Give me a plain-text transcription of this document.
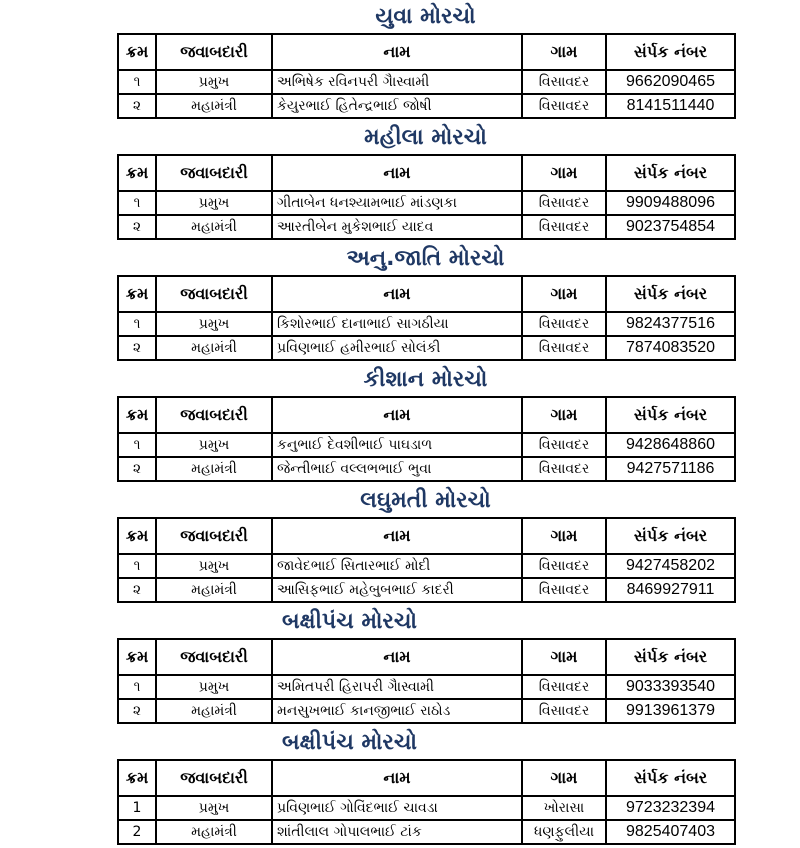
યુવા મોરચો
ક્રમ	જવાબદારી	નામ	ગામ	સંર્પક નંબર
૧	પ્રમુખ	અભિષેક રવિનપરી ગૈાસ્વામી	વિસાવદર	9662090465
૨	મહામંત્રી	કેયુરભાઈ હિતેન્દ્રભાઈ જોષી	વિસાવદર	8141511440
મહીલા મોરચો
ક્રમ	જવાબદારી	નામ	ગામ	સંર્પક નંબર
૧	પ્રમુખ	ગીતાબેન ધનશ્યામભાઈ માંડણકા	વિસાવદર	9909488096
૨	મહામંત્રી	આરતીબેન મુકેશભાઈ યાદવ	વિસાવદર	9023754854
અનુ.જાતિ મોરચો
ક્રમ	જવાબદારી	નામ	ગામ	સંર્પક નંબર
૧	પ્રમુખ	કિશોરભાઈ દાનાભાઈ સાગઠીયા	વિસાવદર	9824377516
૨	મહામંત્રી	પ્રવિણભાઈ હમીરભાઈ સોલંકી	વિસાવદર	7874083520
કીશાન મોરચો
ક્રમ	જવાબદારી	નામ	ગામ	સંર્પક નંબર
૧	પ્રમુખ	કનુભાઈ દેવશીભાઈ પાઘડાળ	વિસાવદર	9428648860
૨	મહામંત્રી	જેન્તીભાઈ વલ્લભભાઈ ભુવા	વિસાવદર	9427571186
લઘુમતી મોરચો
ક્રમ	જવાબદારી	નામ	ગામ	સંર્પક નંબર
૧	પ્રમુખ	જાવેદભાઈ સિતારભાઈ મોદી	વિસાવદર	9427458202
૨	મહામંત્રી	આસિફભાઈ મહેબુબભાઈ કાદરી	વિસાવદર	8469927911
બક્ષીપંચ મોરચો
ક્રમ	જવાબદારી	નામ	ગામ	સંર્પક નંબર
૧	પ્રમુખ	અમિતપરી હિરાપરી ગૈાસ્વામી	વિસાવદર	9033393540
૨	મહામંત્રી	મનસુખભાઈ કાનજીભાઈ રાઠોડ	વિસાવદર	9913961379
બક્ષીપંચ મોરચો
ક્રમ	જવાબદારી	નામ	ગામ	સંર્પક નંબર
1	પ્રમુખ	પ્રવિણભાઈ ગોવિંદભાઈ ચાવડા	ખોરાસા	9723232394
2	મહામંત્રી	શાંતીલાલ ગોપાલભાઈ ટાંક	ધણફુલીયા	9825407403
